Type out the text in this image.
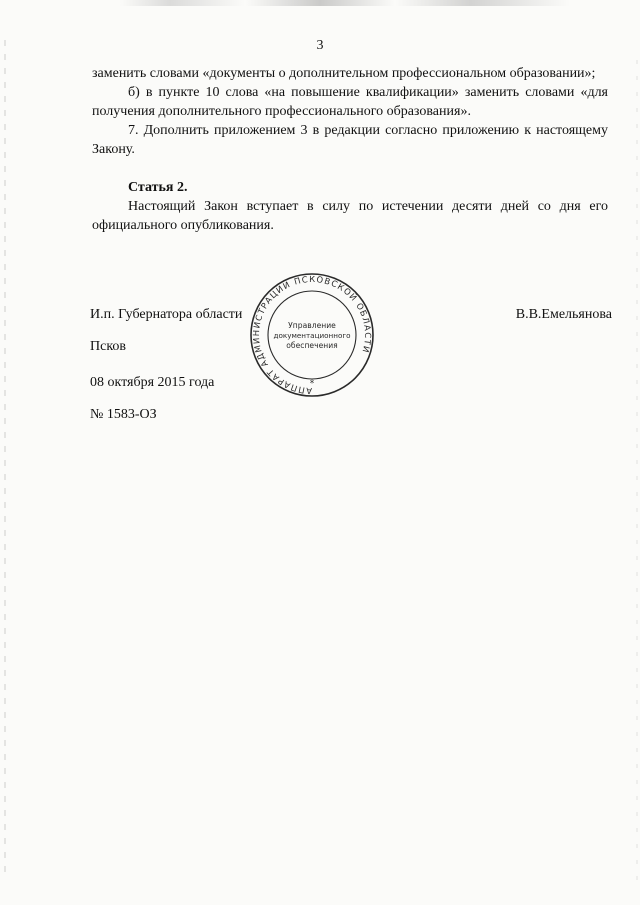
3

заменить словами «документы о дополнительном профессиональном образовании»;

б) в пункте 10 слова «на повышение квалификации» заменить словами «для получения дополнительного профессионального образования».

7. Дополнить приложением 3 в редакции согласно приложению к настоящему Закону.

Статья 2.

Настоящий Закон вступает в силу по истечении десяти дней со дня его официального опубликования.

И.п. Губернатора области	В.В.Емельянова
Псков
08 октября 2015 года
№ 1583-ОЗ
АППАРАТ АДМИНИСТРАЦИИ ПСКОВСКОЙ ОБЛАСТИ
Управление
документационного
обеспечения
*
